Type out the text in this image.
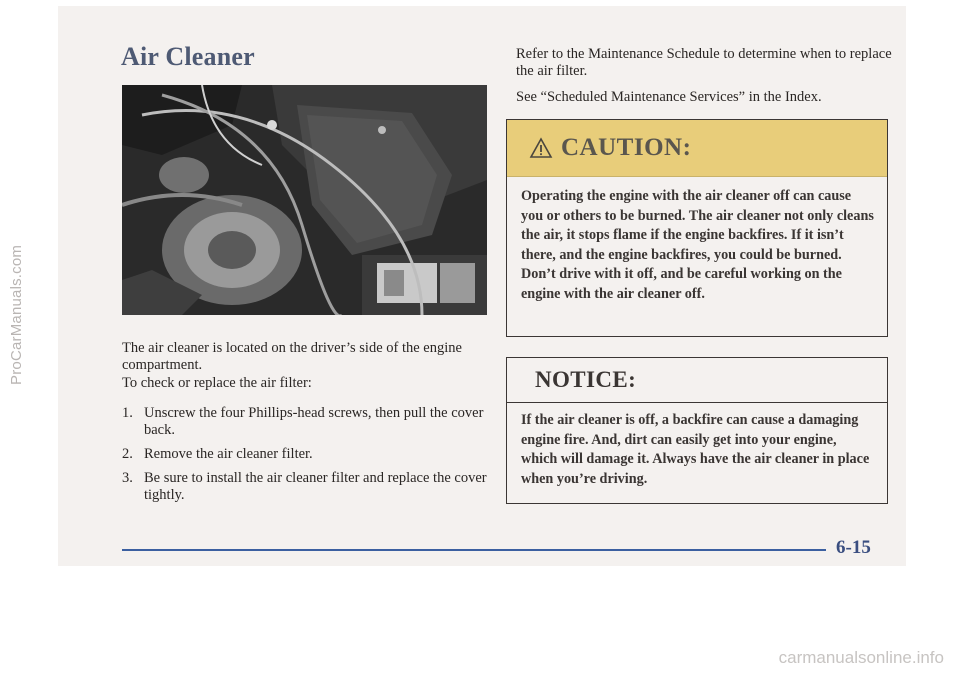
ProCarManuals.com
Air Cleaner
The air cleaner is located on the driver’s side of the engine compartment.
To check or replace the air filter:
1. Unscrew the four Phillips-head screws, then pull the cover back.
2. Remove the air cleaner filter.
3. Be sure to install the air cleaner filter and replace the cover tightly.
Refer to the Maintenance Schedule to determine when to replace the air filter.
See “Scheduled Maintenance Services” in the Index.
CAUTION:
Operating the engine with the air cleaner off can cause you or others to be burned. The air cleaner not only cleans the air, it stops flame if the engine backfires. If it isn’t there, and the engine backfires, you could be burned. Don’t drive with it off, and be careful working on the engine with the air cleaner off.
NOTICE:
If the air cleaner is off, a backfire can cause a damaging engine fire. And, dirt can easily get into your engine, which will damage it. Always have the air cleaner in place when you’re driving.
6-15
carmanualsonline.info
